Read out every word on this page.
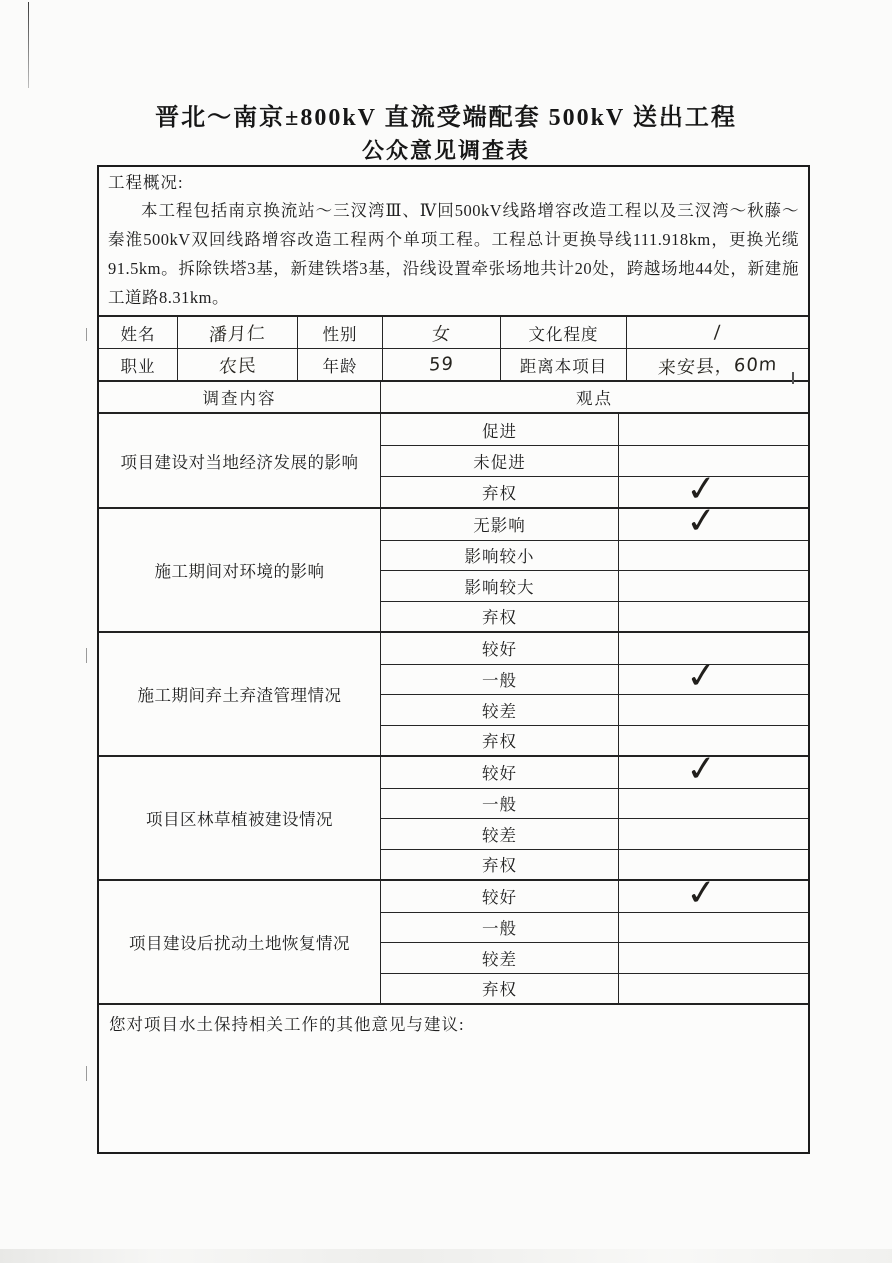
晋北～南京±800kV 直流受端配套 500kV 送出工程
公众意见调查表
工程概况:

本工程包括南京换流站～三汊湾Ⅲ、Ⅳ回500kV线路增容改造工程以及三汊湾～秋藤～秦淮500kV双回线路增容改造工程两个单项工程。工程总计更换导线111.918km，更换光缆91.5km。拆除铁塔3基，新建铁塔3基，沿线设置牵张场地共计20处，跨越场地44处，新建施工道路8.31km。

姓名	潘月仁	性别	女	文化程度	/
职业	农民	年龄	59	距离本项目	来安县，60m
调查内容	观点
项目建设对当地经济发展的影响
促进
未促进
弃权	✓
施工期间对环境的影响
无影响	✓
影响较小
影响较大
弃权
施工期间弃土弃渣管理情况
较好
一般	✓
较差
弃权
项目区林草植被建设情况
较好	✓
一般
较差
弃权
项目建设后扰动土地恢复情况
较好	✓
一般
较差
弃权
您对项目水土保持相关工作的其他意见与建议:
